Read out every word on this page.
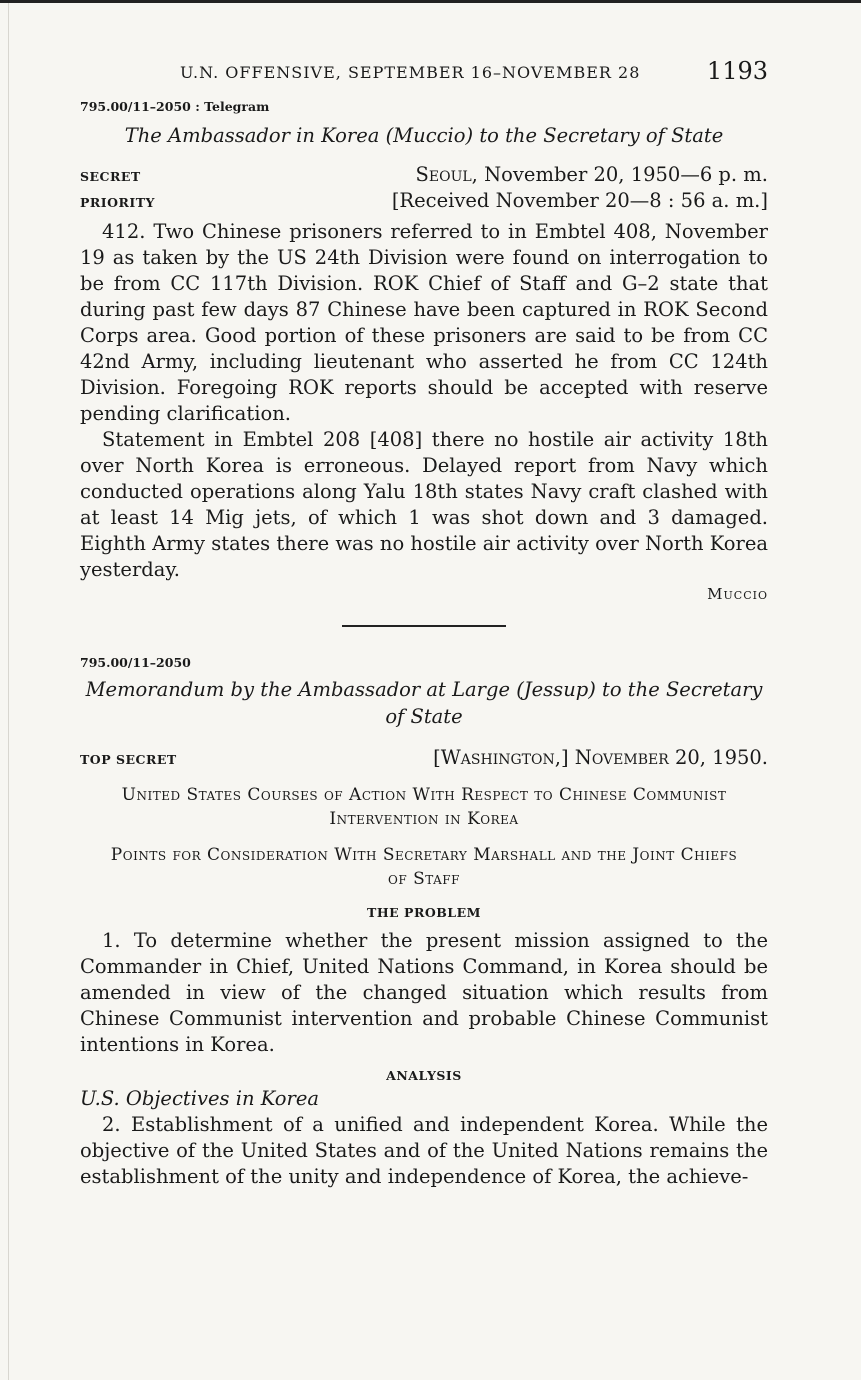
U.N. OFFENSIVE, SEPTEMBER 16–NOVEMBER 28	1193
795.00/11–2050 : Telegram
The Ambassador in Korea (Muccio) to the Secretary of State
SECRET	Seoul, November 20, 1950—6 p. m.
PRIORITY	[Received November 20—8 : 56 a. m.]

412. Two Chinese prisoners referred to in Embtel 408, November 19 as taken by the US 24th Division were found on interrogation to be from CC 117th Division. ROK Chief of Staff and G–2 state that during past few days 87 Chinese have been captured in ROK Second Corps area. Good portion of these prisoners are said to be from CC 42nd Army, including lieutenant who asserted he from CC 124th Division. Foregoing ROK reports should be accepted with reserve pending clarification.

Statement in Embtel 208 [408] there no hostile air activity 18th over North Korea is erroneous. Delayed report from Navy which conducted operations along Yalu 18th states Navy craft clashed with at least 14 Mig jets, of which 1 was shot down and 3 damaged. Eighth Army states there was no hostile air activity over North Korea yesterday.

Muccio
795.00/11–2050
Memorandum by the Ambassador at Large (Jessup) to the Secretary of State
TOP SECRET	[Washington,] November 20, 1950.
United States Courses of Action With Respect to Chinese Communist Intervention in Korea
Points for Consideration With Secretary Marshall and the Joint Chiefs of Staff
THE PROBLEM

1. To determine whether the present mission assigned to the Commander in Chief, United Nations Command, in Korea should be amended in view of the changed situation which results from Chinese Communist intervention and probable Chinese Communist intentions in Korea.

ANALYSIS
U.S. Objectives in Korea

2. Establishment of a unified and independent Korea. While the objective of the United States and of the United Nations remains the establishment of the unity and independence of Korea, the achieve-
